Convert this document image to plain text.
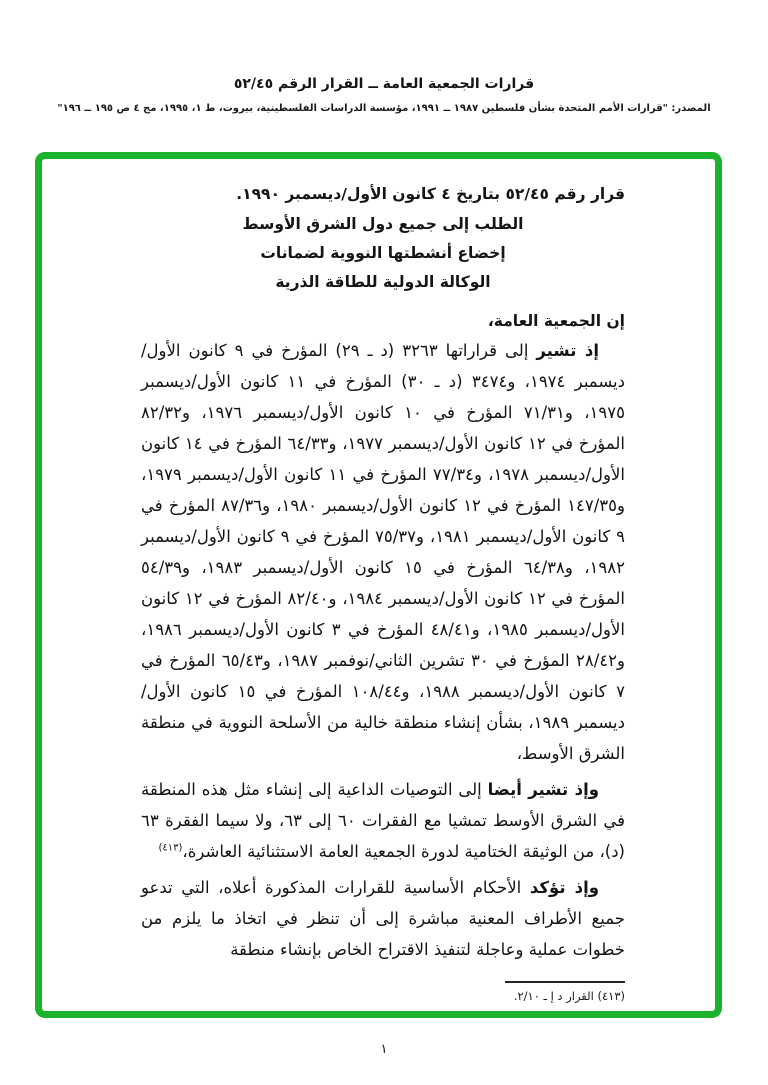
قرارات الجمعية العامة ــ القرار الرقم ٥٢/٤٥
المصدر: "قرارات الأمم المتحدة بشأن فلسطين ١٩٨٧ ــ ١٩٩١، مؤسسة الدراسات الفلسطينية، بيروت، ط ١، ١٩٩٥، مج ٤ ص ١٩٥ ــ ١٩٦"

قرار رقم ٥٢/٤٥ بتاريخ ٤ كانون الأول/ديسمبر ١٩٩٠.

الطلب إلى جميع دول الشرق الأوسط

إخضاع أنشطتها النووية لضمانات

الوكالة الدولية للطاقة الذرية

إن الجمعية العامة،

إذ تشير إلى قراراتها ٣٢٦٣ (د ـ ٢٩) المؤرخ في ٩ كانون الأول/ديسمبر ١٩٧٤، و٣٤٧٤ (د ـ ٣٠) المؤرخ في ١١ كانون الأول/ديسمبر ١٩٧٥، و٧١/٣١ المؤرخ في ١٠ كانون الأول/ديسمبر ١٩٧٦، و٨٢/٣٢ المؤرخ في ١٢ كانون الأول/ديسمبر ١٩٧٧، و٦٤/٣٣ المؤرخ في ١٤ كانون الأول/ديسمبر ١٩٧٨، و٧٧/٣٤ المؤرخ في ١١ كانون الأول/ديسمبر ١٩٧٩، و١٤٧/٣٥ المؤرخ في ١٢ كانون الأول/ديسمبر ١٩٨٠، و٨٧/٣٦ المؤرخ في ٩ كانون الأول/ديسمبر ١٩٨١، و٧٥/٣٧ المؤرخ في ٩ كانون الأول/ديسمبر ١٩٨٢، و٦٤/٣٨ المؤرخ في ١٥ كانون الأول/ديسمبر ١٩٨٣، و٥٤/٣٩ المؤرخ في ١٢ كانون الأول/ديسمبر ١٩٨٤، و٨٢/٤٠ المؤرخ في ١٢ كانون الأول/ديسمبر ١٩٨٥، و٤٨/٤١ المؤرخ في ٣ كانون الأول/ديسمبر ١٩٨٦، و٢٨/٤٢ المؤرخ في ٣٠ تشرين الثاني/نوفمبر ١٩٨٧، و٦٥/٤٣ المؤرخ في ٧ كانون الأول/ديسمبر ١٩٨٨، و١٠٨/٤٤ المؤرخ في ١٥ كانون الأول/ديسمبر ١٩٨٩، بشأن إنشاء منطقة خالية من الأسلحة النووية في منطقة الشرق الأوسط،

وإذ تشير أيضا إلى التوصيات الداعية إلى إنشاء مثل هذه المنطقة في الشرق الأوسط تمشيا مع الفقرات ٦٠ إلى ٦٣، ولا سيما الفقرة ٦٣ (د)، من الوثيقة الختامية لدورة الجمعية العامة الاستثنائية العاشرة،$^{(٤١٣)}$

وإذ تؤكد الأحكام الأساسية للقرارات المذكورة أعلاه، التي تدعو جميع الأطراف المعنية مباشرة إلى أن تنظر في اتخاذ ما يلزم من خطوات عملية وعاجلة لتنفيذ الاقتراح الخاص بإنشاء منطقة

(٤١٣) القرار د إ ـ ٢/١٠.

١
